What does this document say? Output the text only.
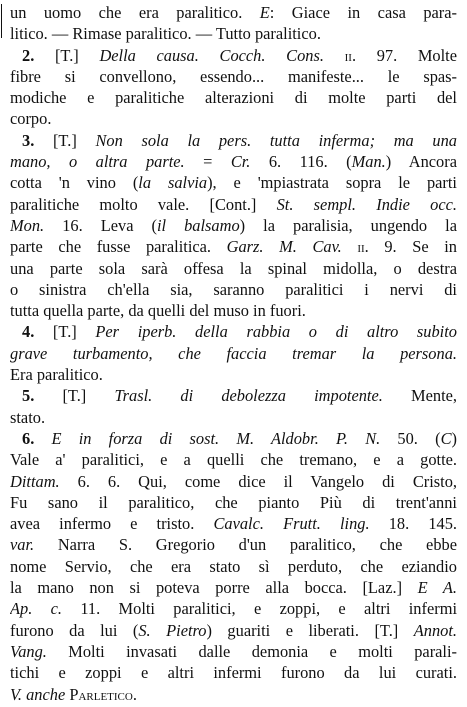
un uomo che era paralitico. E: Giace in casa para-
litico. — Rimase paralitico. — Tutto paralitico.
2. [T.] Della causa. Cocch. Cons. ii. 97. Molte
fibre si convellono, essendo... manifeste... le spas-
modiche e paralitiche alterazioni di molte parti del
corpo.
3. [T.] Non sola la pers. tutta inferma; ma una
mano, o altra parte. = Cr. 6. 116. (Man.) Ancora
cotta 'n vino (la salvia), e 'mpiastrata sopra le parti
paralitiche molto vale. [Cont.] St. sempl. Indie occ.
Mon. 16. Leva (il balsamo) la paralisia, ungendo la
parte che fusse paralitica. Garz. M. Cav. ii. 9. Se in
una parte sola sarà offesa la spinal midolla, o destra
o sinistra ch'ella sia, saranno paralitici i nervi di
tutta quella parte, da quelli del muso in fuori.
4. [T.] Per iperb. della rabbia o di altro subito
grave turbamento, che faccia tremar la persona.
Era paralitico.
5. [T.] Trasl. di debolezza impotente. Mente,
stato.
6. E in forza di sost. M. Aldobr. P. N. 50. (C)
Vale a' paralitici, e a quelli che tremano, e a gotte.
Dittam. 6. 6. Qui, come dice il Vangelo di Cristo,
Fu sano il paralitico, che pianto Più di trent'anni
avea infermo e tristo. Cavalc. Frutt. ling. 18. 145.
var. Narra S. Gregorio d'un paralitico, che ebbe
nome Servio, che era stato sì perduto, che eziandio
la mano non si poteva porre alla bocca. [Laz.] E A.
Ap. c. 11. Molti paralitici, e zoppi, e altri infermi
furono da lui (S. Pietro) guariti e liberati. [T.] Annot.
Vang. Molti invasati dalle demonia e molti parali-
tichi e zoppi e altri infermi furono da lui curati.
V. anche Parletico.
